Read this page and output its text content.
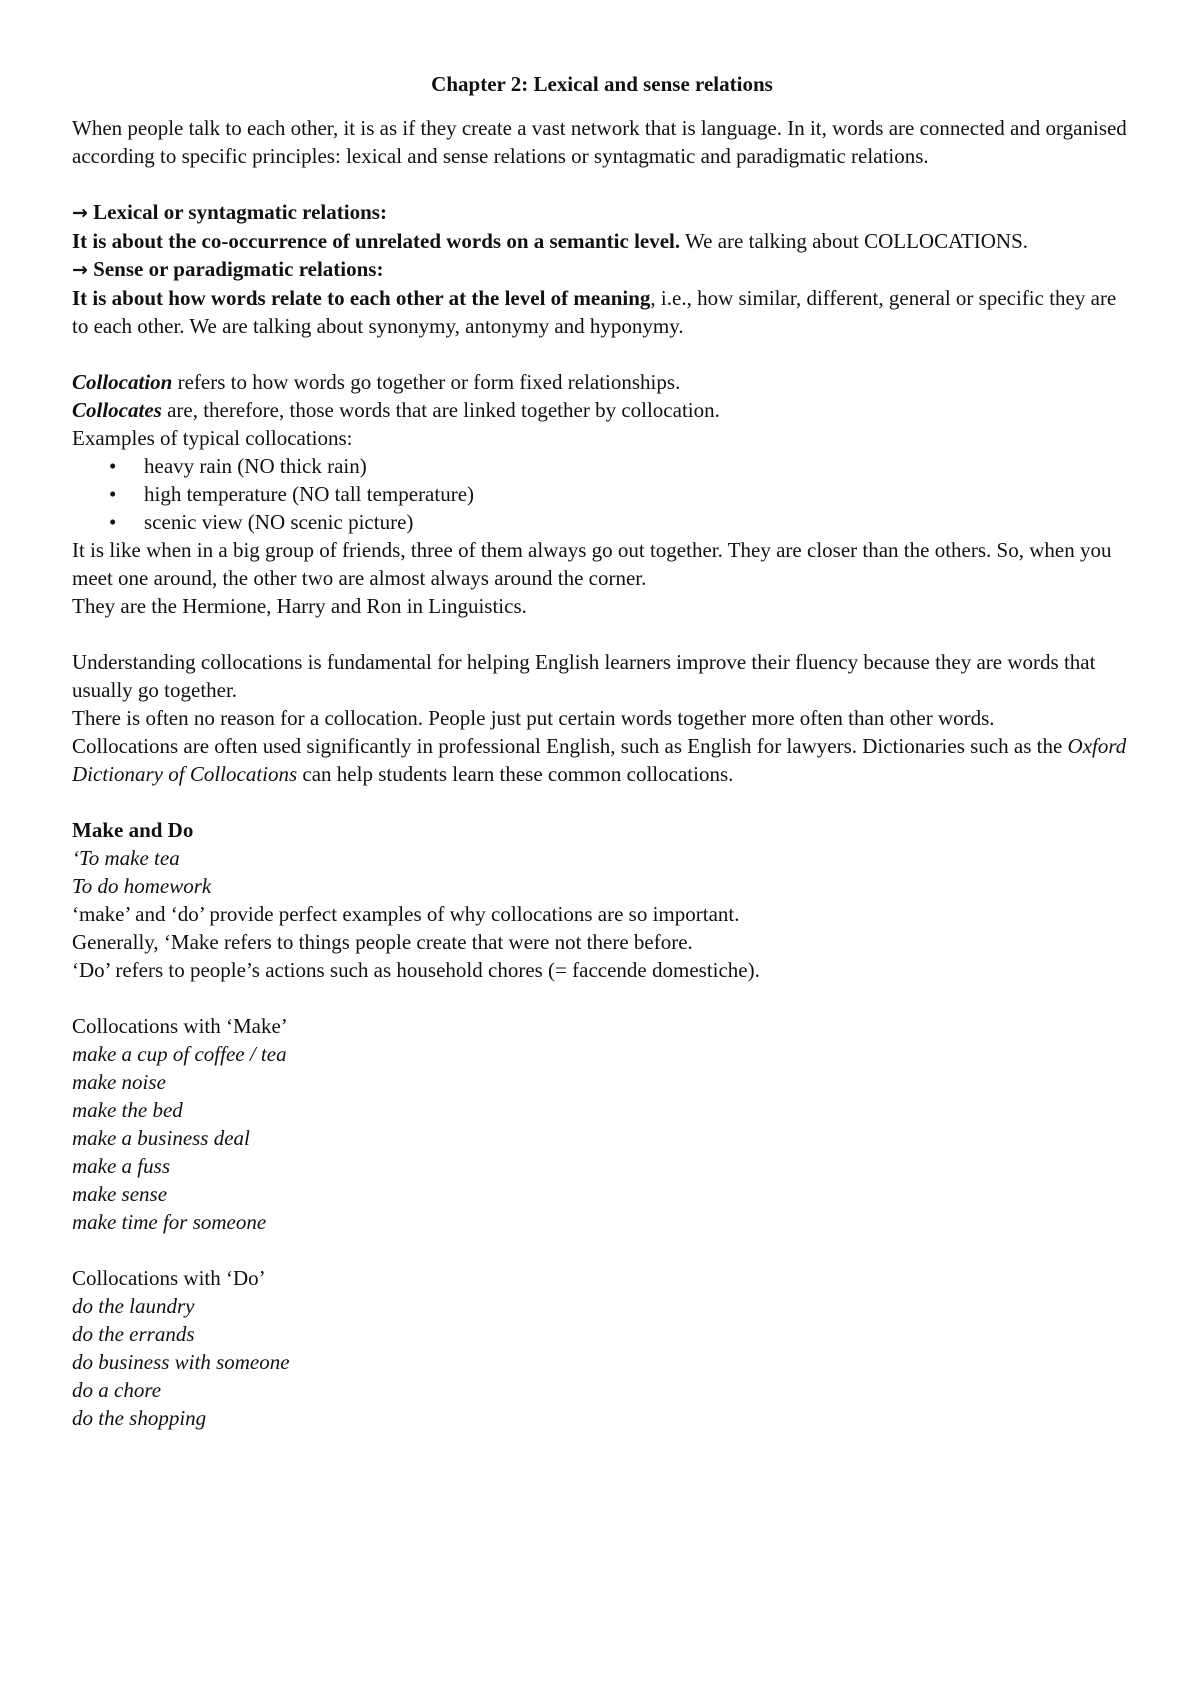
Chapter 2: Lexical and sense relations

When people talk to each other, it is as if they create a vast network that is language. In it, words are connected and organised according to specific principles: lexical and sense relations or syntagmatic and paradigmatic relations.

→ Lexical or syntagmatic relations:

It is about the co-occurrence of unrelated words on a semantic level. We are talking about COLLOCATIONS.

→ Sense or paradigmatic relations:

It is about how words relate to each other at the level of meaning, i.e., how similar, different, general or specific they are to each other. We are talking about synonymy, antonymy and hyponymy.

Collocation refers to how words go together or form fixed relationships.

Collocates are, therefore, those words that are linked together by collocation.

Examples of typical collocations:

• heavy rain (NO thick rain)
• high temperature (NO tall temperature)
• scenic view (NO scenic picture)

It is like when in a big group of friends, three of them always go out together. They are closer than the others. So, when you meet one around, the other two are almost always around the corner.

They are the Hermione, Harry and Ron in Linguistics.

Understanding collocations is fundamental for helping English learners improve their fluency because they are words that usually go together.

There is often no reason for a collocation. People just put certain words together more often than other words.

Collocations are often used significantly in professional English, such as English for lawyers. Dictionaries such as the Oxford Dictionary of Collocations can help students learn these common collocations.

Make and Do

‘To make tea

To do homework

‘make’ and ‘do’ provide perfect examples of why collocations are so important.

Generally, ‘Make refers to things people create that were not there before.

‘Do’ refers to people’s actions such as household chores (= faccende domestiche).

Collocations with ‘Make’

make a cup of coffee / tea

make noise

make the bed

make a business deal

make a fuss

make sense

make time for someone

Collocations with ‘Do’

do the laundry

do the errands

do business with someone

do a chore

do the shopping
